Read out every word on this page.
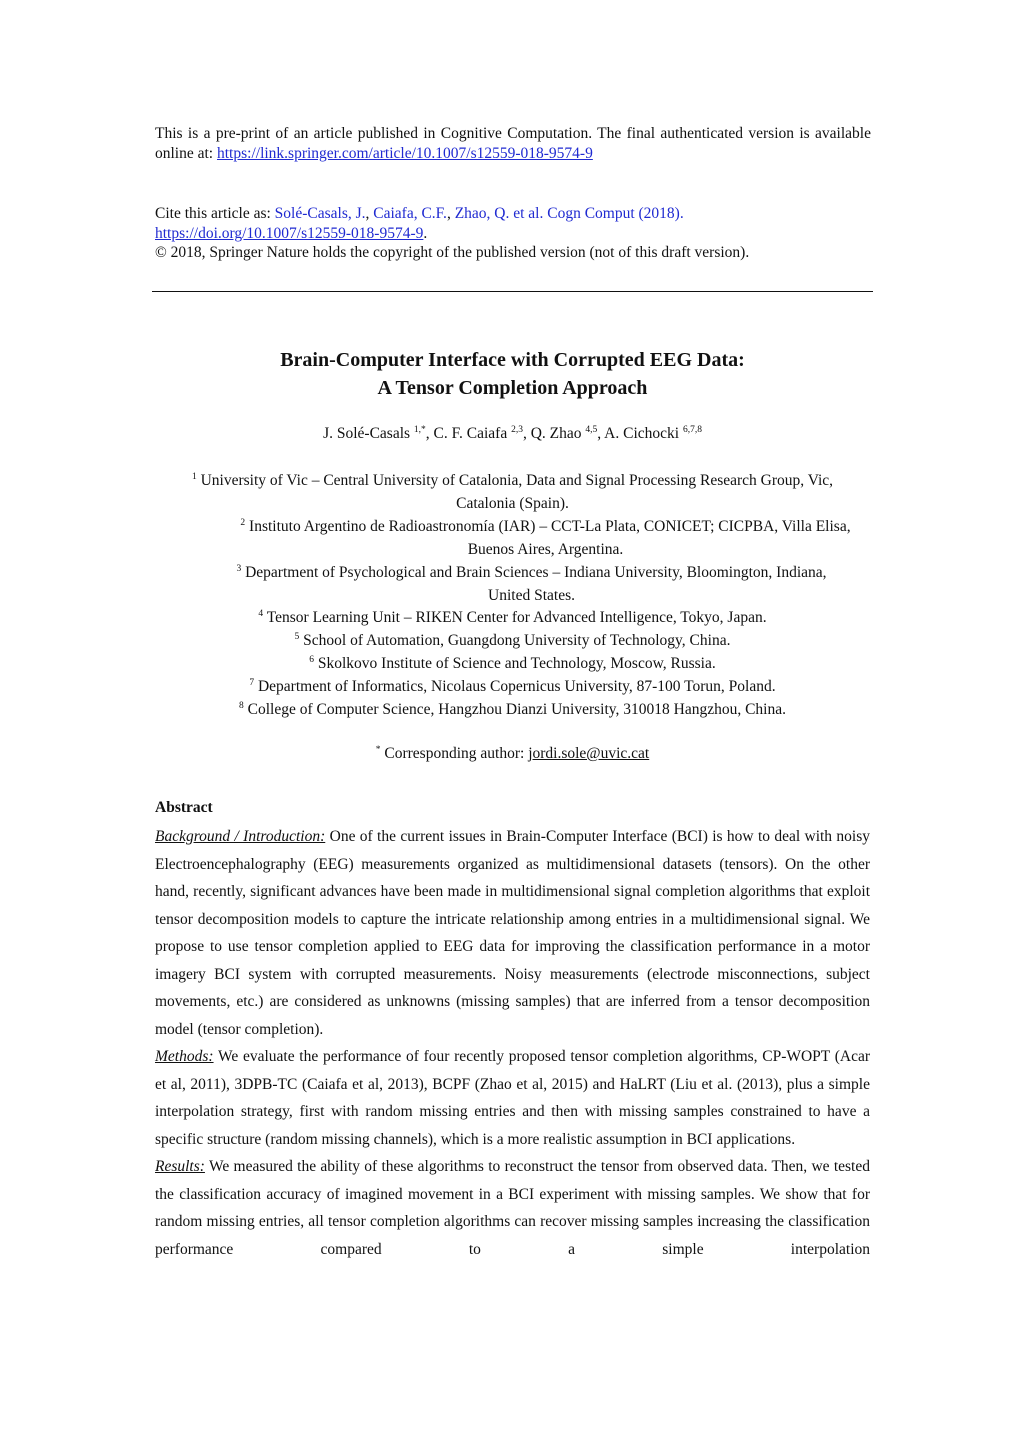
This is a pre-print of an article published in Cognitive Computation. The final authenticated version is available online at: https://link.springer.com/article/10.1007/s12559-018-9574-9

Cite this article as: Solé-Casals, J., Caiafa, C.F., Zhao, Q. et al. Cogn Comput (2018).

https://doi.org/10.1007/s12559-018-9574-9.

© 2018, Springer Nature holds the copyright of the published version (not of this draft version).

Brain-Computer Interface with Corrupted EEG Data:
A Tensor Completion Approach
J. Solé-Casals $^{1,*}$, C. F. Caiafa $^{2,3}$, Q. Zhao $^{4,5}$, A. Cichocki $^{6,7,8}$

$^1$ University of Vic – Central University of Catalonia, Data and Signal Processing Research Group, Vic, Catalonia (Spain).

$^2$ Instituto Argentino de Radioastronomía (IAR) – CCT-La Plata, CONICET; CICPBA, Villa Elisa, Buenos Aires, Argentina.

$^3$ Department of Psychological and Brain Sciences – Indiana University, Bloomington, Indiana, United States.

$^4$ Tensor Learning Unit – RIKEN Center for Advanced Intelligence, Tokyo, Japan.

$^5$ School of Automation, Guangdong University of Technology, China.

$^6$ Skolkovo Institute of Science and Technology, Moscow, Russia.

$^7$ Department of Informatics, Nicolaus Copernicus University, 87-100 Torun, Poland.

$^8$ College of Computer Science, Hangzhou Dianzi University, 310018 Hangzhou, China.

* Corresponding author: jordi.sole@uvic.cat
Abstract

Background / Introduction: One of the current issues in Brain-Computer Interface (BCI) is how to deal with noisy Electroencephalography (EEG) measurements organized as multidimensional datasets (tensors). On the other hand, recently, significant advances have been made in multidimensional signal completion algorithms that exploit tensor decomposition models to capture the intricate relationship among entries in a multidimensional signal. We propose to use tensor completion applied to EEG data for improving the classification performance in a motor imagery BCI system with corrupted measurements. Noisy measurements (electrode misconnections, subject movements, etc.) are considered as unknowns (missing samples) that are inferred from a tensor decomposition model (tensor completion).

Methods: We evaluate the performance of four recently proposed tensor completion algorithms, CP-WOPT (Acar et al, 2011), 3DPB-TC (Caiafa et al, 2013), BCPF (Zhao et al, 2015) and HaLRT (Liu et al. (2013), plus a simple interpolation strategy, first with random missing entries and then with missing samples constrained to have a specific structure (random missing channels), which is a more realistic assumption in BCI applications.

Results: We measured the ability of these algorithms to reconstruct the tensor from observed data. Then, we tested the classification accuracy of imagined movement in a BCI experiment with missing samples. We show that for random missing entries, all tensor completion algorithms can recover missing samples increasing the classification performance compared to a simple interpolation
